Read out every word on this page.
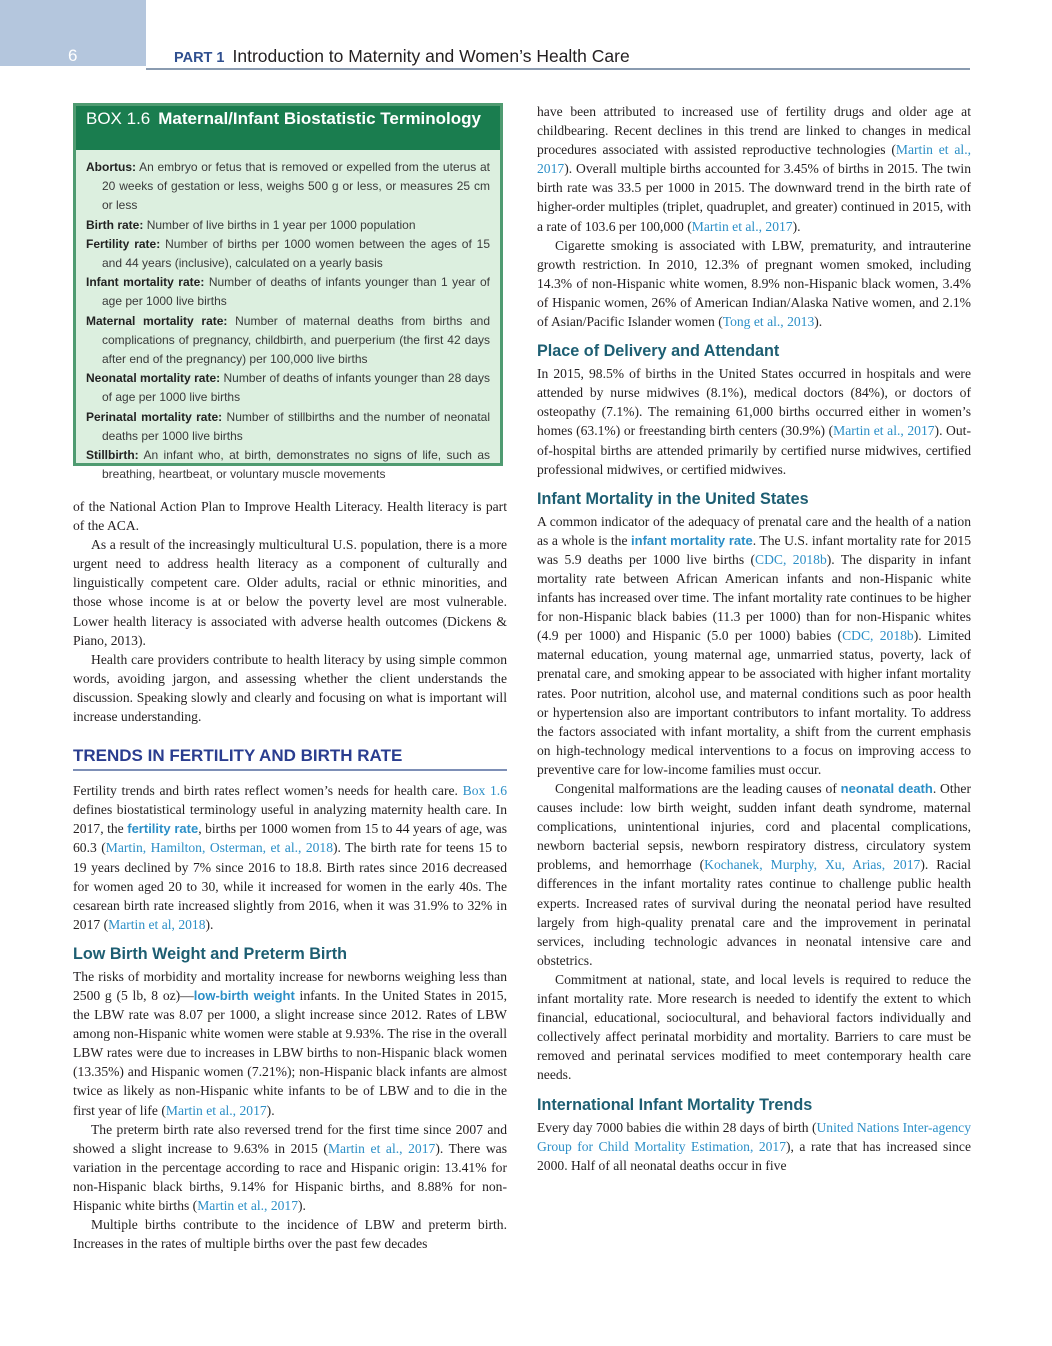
6	PART 1 Introduction to Maternity and Women’s Health Care
BOX 1.6 Maternal/Infant Biostatistic Terminology
Abortus: An embryo or fetus that is removed or expelled from the uterus at 20 weeks of gestation or less, weighs 500 g or less, or measures 25 cm or less
Birth rate: Number of live births in 1 year per 1000 population
Fertility rate: Number of births per 1000 women between the ages of 15 and 44 years (inclusive), calculated on a yearly basis
Infant mortality rate: Number of deaths of infants younger than 1 year of age per 1000 live births
Maternal mortality rate: Number of maternal deaths from births and complications of pregnancy, childbirth, and puerperium (the first 42 days after end of the pregnancy) per 100,000 live births
Neonatal mortality rate: Number of deaths of infants younger than 28 days of age per 1000 live births
Perinatal mortality rate: Number of stillbirths and the number of neonatal deaths per 1000 live births
Stillbirth: An infant who, at birth, demonstrates no signs of life, such as breathing, heartbeat, or voluntary muscle movements

of the National Action Plan to Improve Health Literacy. Health literacy is part of the ACA.

As a result of the increasingly multicultural U.S. population, there is a more urgent need to address health literacy as a component of culturally and linguistically competent care. Older adults, racial or ethnic minorities, and those whose income is at or below the poverty level are most vulnerable. Lower health literacy is associated with adverse health outcomes (Dickens & Piano, 2013).

Health care providers contribute to health literacy by using simple common words, avoiding jargon, and assessing whether the client understands the discussion. Speaking slowly and clearly and focusing on what is important will increase understanding.

TRENDS IN FERTILITY AND BIRTH RATE

Fertility trends and birth rates reflect women’s needs for health care. Box 1.6 defines biostatistical terminology useful in analyzing maternity health care. In 2017, the fertility rate, births per 1000 women from 15 to 44 years of age, was 60.3 (Martin, Hamilton, Osterman, et al., 2018). The birth rate for teens 15 to 19 years declined by 7% since 2016 to 18.8. Birth rates since 2016 decreased for women aged 20 to 30, while it increased for women in the early 40s. The cesarean birth rate increased slightly from 2016, when it was 31.9% to 32% in 2017 (Martin et al, 2018).

Low Birth Weight and Preterm Birth

The risks of morbidity and mortality increase for newborns weighing less than 2500 g (5 lb, 8 oz)—low-birth weight infants. In the United States in 2015, the LBW rate was 8.07 per 1000, a slight increase since 2012. Rates of LBW among non-Hispanic white women were stable at 9.93%. The rise in the overall LBW rates were due to increases in LBW births to non-Hispanic black women (13.35%) and Hispanic women (7.21%); non-Hispanic black infants are almost twice as likely as non-Hispanic white infants to be of LBW and to die in the first year of life (Martin et al., 2017).

The preterm birth rate also reversed trend for the first time since 2007 and showed a slight increase to 9.63% in 2015 (Martin et al., 2017). There was variation in the percentage according to race and Hispanic origin: 13.41% for non-Hispanic black births, 9.14% for Hispanic births, and 8.88% for non-Hispanic white births (Martin et al., 2017).

Multiple births contribute to the incidence of LBW and preterm birth. Increases in the rates of multiple births over the past few decades

have been attributed to increased use of fertility drugs and older age at childbearing. Recent declines in this trend are linked to changes in medical procedures associated with assisted reproductive technologies (Martin et al., 2017). Overall multiple births accounted for 3.45% of births in 2015. The twin birth rate was 33.5 per 1000 in 2015. The downward trend in the birth rate of higher-order multiples (triplet, quadruplet, and greater) continued in 2015, with a rate of 103.6 per 100,000 (Martin et al., 2017).

Cigarette smoking is associated with LBW, prematurity, and intrauterine growth restriction. In 2010, 12.3% of pregnant women smoked, including 14.3% of non-Hispanic white women, 8.9% non-Hispanic black women, 3.4% of Hispanic women, 26% of American Indian/Alaska Native women, and 2.1% of Asian/Pacific Islander women (Tong et al., 2013).

Place of Delivery and Attendant

In 2015, 98.5% of births in the United States occurred in hospitals and were attended by nurse midwives (8.1%), medical doctors (84%), or doctors of osteopathy (7.1%). The remaining 61,000 births occurred either in women’s homes (63.1%) or freestanding birth centers (30.9%) (Martin et al., 2017). Out-of-hospital births are attended primarily by certified nurse midwives, certified professional midwives, or certified midwives.

Infant Mortality in the United States

A common indicator of the adequacy of prenatal care and the health of a nation as a whole is the infant mortality rate. The U.S. infant mortality rate for 2015 was 5.9 deaths per 1000 live births (CDC, 2018b). The disparity in infant mortality rate between African American infants and non-Hispanic white infants has increased over time. The infant mortality rate continues to be higher for non-Hispanic black babies (11.3 per 1000) than for non-Hispanic whites (4.9 per 1000) and Hispanic (5.0 per 1000) babies (CDC, 2018b). Limited maternal education, young maternal age, unmarried status, poverty, lack of prenatal care, and smoking appear to be associated with higher infant mortality rates. Poor nutrition, alcohol use, and maternal conditions such as poor health or hypertension also are important contributors to infant mortality. To address the factors associated with infant mortality, a shift from the current emphasis on high-technology medical interventions to a focus on improving access to preventive care for low-income families must occur.

Congenital malformations are the leading causes of neonatal death. Other causes include: low birth weight, sudden infant death syndrome, maternal complications, unintentional injuries, cord and placental complications, newborn bacterial sepsis, newborn respiratory distress, circulatory system problems, and hemorrhage (Kochanek, Murphy, Xu, Arias, 2017). Racial differences in the infant mortality rates continue to challenge public health experts. Increased rates of survival during the neonatal period have resulted largely from high-quality prenatal care and the improvement in perinatal services, including technologic advances in neonatal intensive care and obstetrics.

Commitment at national, state, and local levels is required to reduce the infant mortality rate. More research is needed to identify the extent to which financial, educational, sociocultural, and behavioral factors individually and collectively affect perinatal morbidity and mortality. Barriers to care must be removed and perinatal services modified to meet contemporary health care needs.

International Infant Mortality Trends

Every day 7000 babies die within 28 days of birth (United Nations Inter-agency Group for Child Mortality Estimation, 2017), a rate that has increased since 2000. Half of all neonatal deaths occur in five
